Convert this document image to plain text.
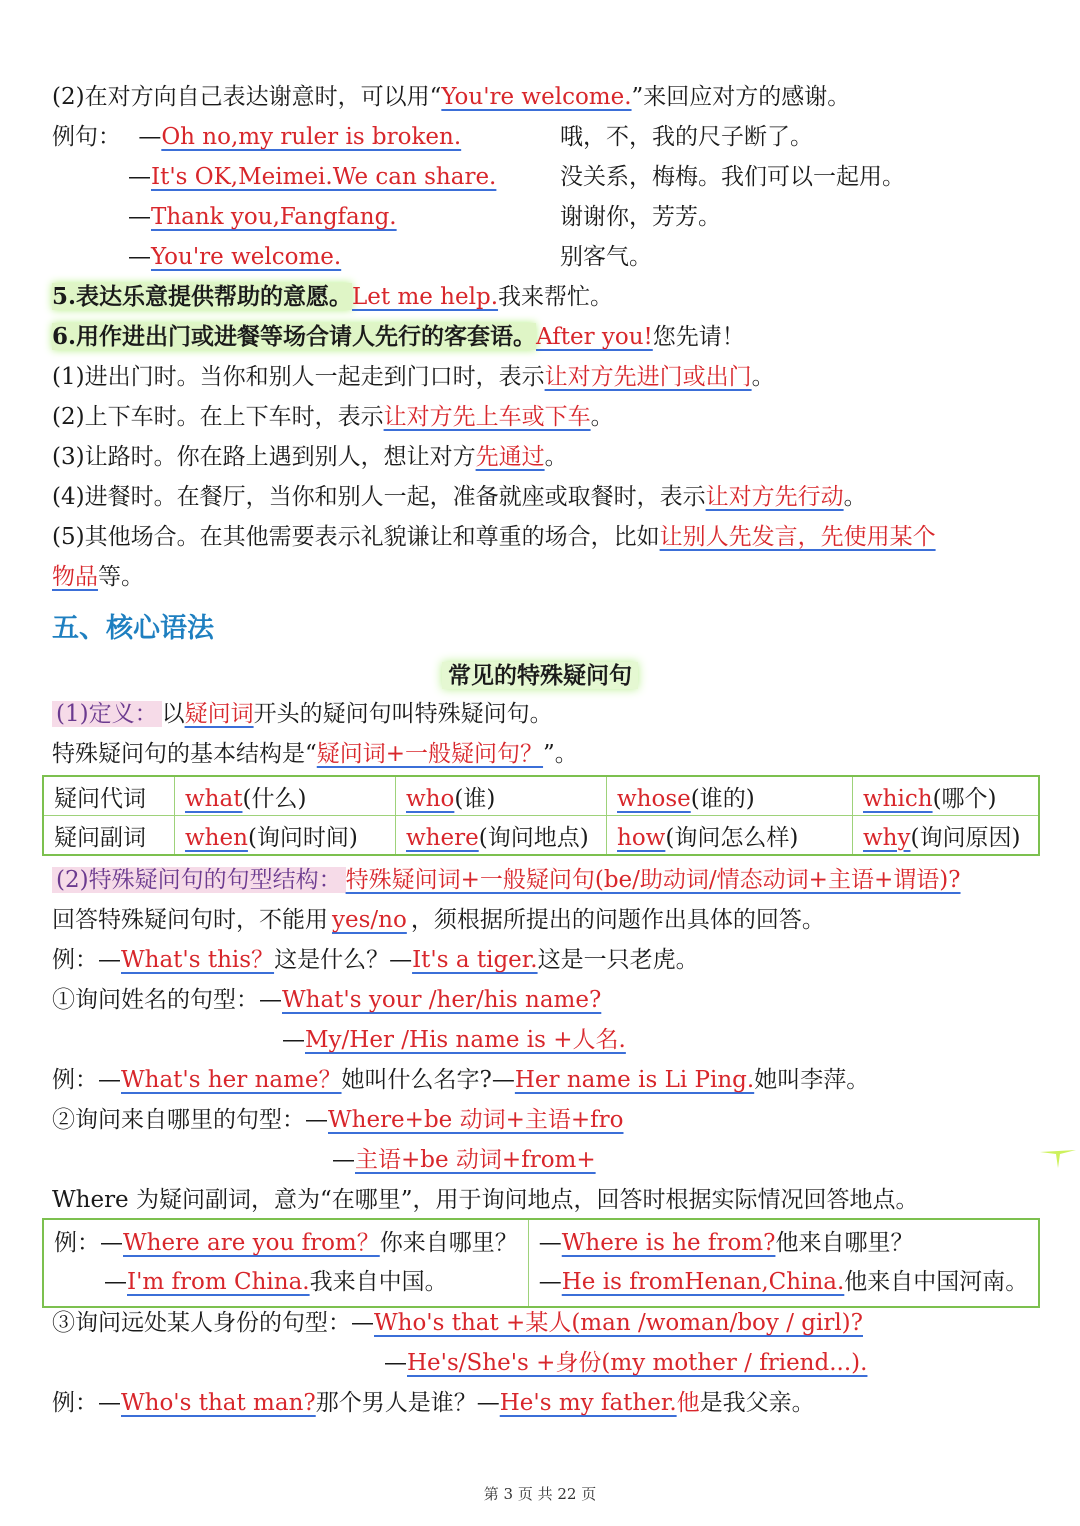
(2)在对方向自己表达谢意时，可以用“You're welcome.”来回应对方的感谢。
例句： —Oh no,my ruler is broken.	哦，不，我的尺子断了。
—It's OK,Meimei.We can share.	没关系，梅梅。我们可以一起用。
—Thank you,Fangfang.	谢谢你，芳芳。
—You're welcome.	别客气。
5.表达乐意提供帮助的意愿。Let me help.我来帮忙。
6.用作进出门或进餐等场合请人先行的客套语。After you!您先请！
(1)进出门时。当你和别人一起走到门口时，表示让对方先进门或出门。
(2)上下车时。在上下车时，表示让对方先上车或下车。
(3)让路时。你在路上遇到别人，想让对方先通过。
(4)进餐时。在餐厅，当你和别人一起，准备就座或取餐时，表示让对方先行动。
(5)其他场合。在其他需要表示礼貌谦让和尊重的场合，比如让别人先发言，先使用某个
物品等。
五、核心语法
常见的特殊疑问句
(1)定义： 以疑问词开头的疑问句叫特殊疑问句。
特殊疑问句的基本结构是“疑问词+一般疑问句？”。
疑问代词	what(什么)	who(谁)	whose(谁的)	which(哪个)
疑问副词	when(询问时间)	where(询问地点)	how(询问怎么样)	why(询问原因)
(2)特殊疑问句的句型结构： 特殊疑问词+一般疑问句(be/助动词/情态动词+主语+谓语)?
回答特殊疑问句时，不能用 yes/no ，须根据所提出的问题作出具体的回答。
例：—What's this？这是什么？—It's a tiger.这是一只老虎。
①询问姓名的句型：—What's your /her/his name?
—My/Her /His name is +人名.
例：—What's her name？她叫什么名字?—Her name is Li Ping.她叫李萍。
②询问来自哪里的句型：—Where+be 动词+主语+fro
—主语+be 动词+from+
Where 为疑问副词，意为“在哪里”，用于询问地点，回答时根据实际情况回答地点。
例：—Where are you from？你来自哪里？
—I'm from China.我来自中国。

—Where is he from?他来自哪里？
—He is fromHenan,China.他来自中国河南。
③询问远处某人身份的句型：—Who's that +某人(man /woman/boy / girl)?
—He's/She's +身份(my mother / friend...).
例：—Who's that man?那个男人是谁？—He's my father.他是我父亲。
第 3 页 共 22 页
